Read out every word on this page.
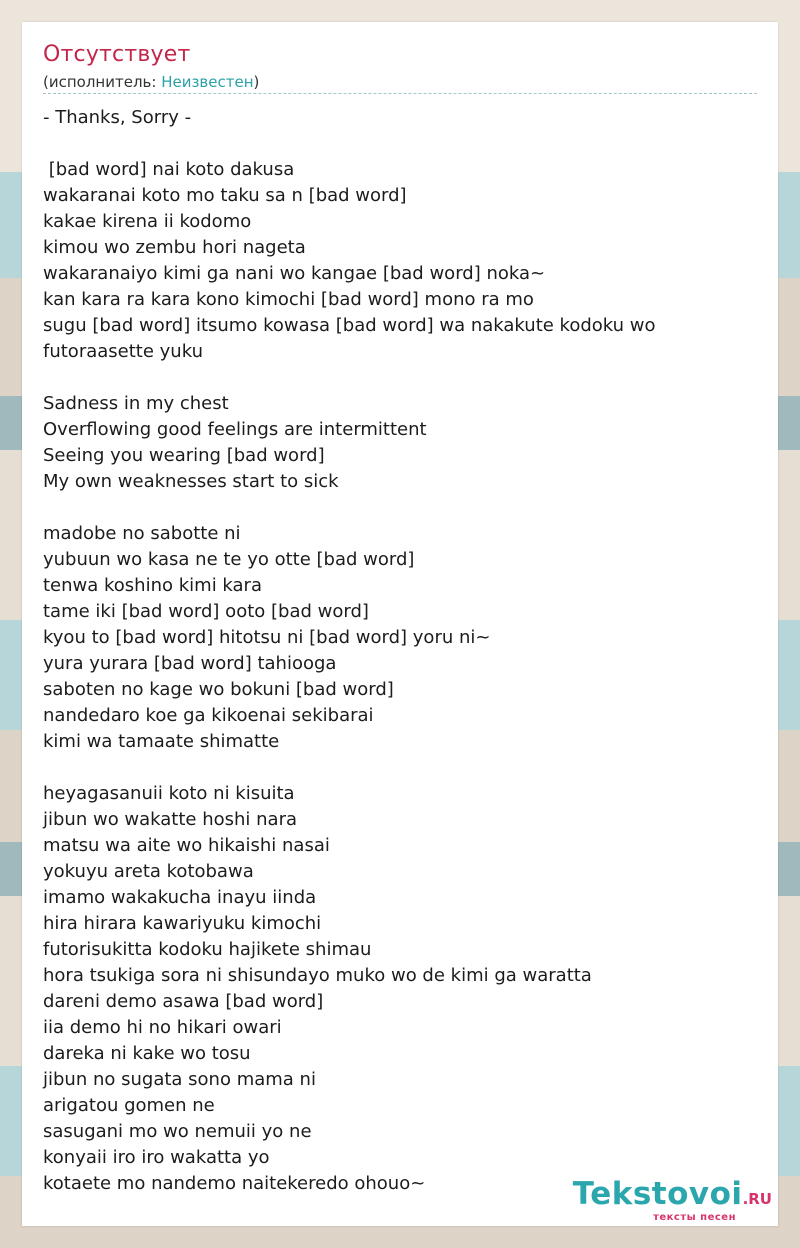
Отсутствует
(исполнитель: Неизвестен)
- Thanks, Sorry -
[bad word] nai koto dakusa
wakaranai koto mo taku sa n [bad word]
kakae kirena ii kodomo
kimou wo zembu hori nageta
wakaranaiyo kimi ga nani wo kangae [bad word] noka~
kan kara ra kara kono kimochi [bad word] mono ra mo
sugu [bad word] itsumo kowasa [bad word] wa nakakute kodoku wo
futoraasette yuku
Sadness in my chest
Overflowing good feelings are intermittent
Seeing you wearing [bad word]
My own weaknesses start to sick
madobe no sabotte ni
yubuun wo kasa ne te yo otte [bad word]
tenwa koshino kimi kara
tame iki [bad word] ooto [bad word]
kyou to [bad word] hitotsu ni [bad word] yoru ni~
yura yurara [bad word] tahiooga
saboten no kage wo bokuni [bad word]
nandedaro koe ga kikoenai sekibarai
kimi wa tamaate shimatte
heyagasanuii koto ni kisuita
jibun wo wakatte hoshi nara
matsu wa aite wo hikaishi nasai
yokuyu areta kotobawa
imamo wakakucha inayu iinda
hira hirara kawariyuku kimochi
futorisukitta kodoku hajikete shimau
hora tsukiga sora ni shisundayo muko wo de kimi ga waratta
dareni demo asawa [bad word]
iia demo hi no hikari owari
dareka ni kake wo tosu
jibun no sugata sono mama ni
arigatou gomen ne
sasugani mo wo nemuii yo ne
konyaii iro iro wakatta yo
kotaete mo nandemo naitekeredo ohouo~	Tekstovoi.RU
тексты песен
